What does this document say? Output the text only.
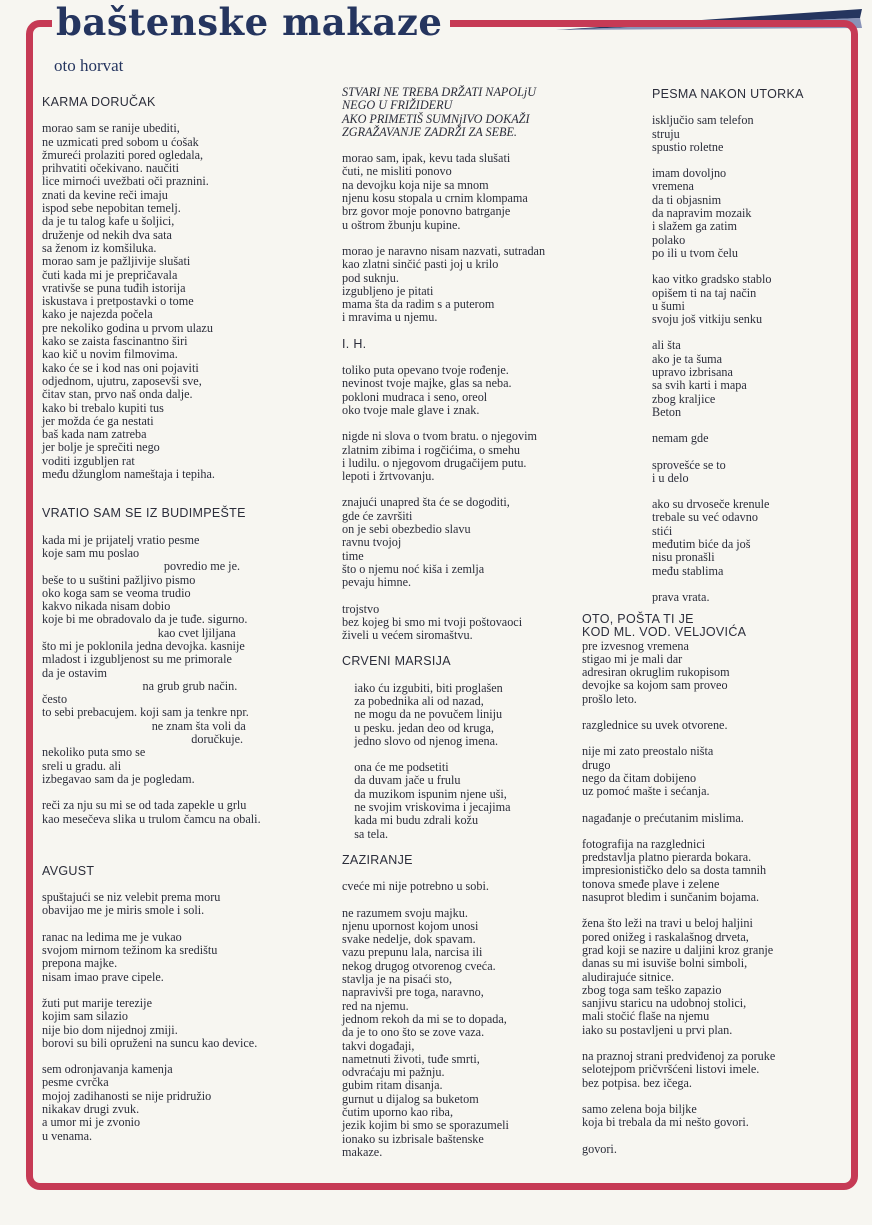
baštenske makaze
oto horvat
KARMA DORUČAK
morao sam se ranije ubediti,
ne uzmicati pred sobom u ćošak
žmureći prolaziti pored ogledala,
prihvatiti očekivano. naučiti
lice mirnoći uvežbati oči praznini.
znati da kevine reči imaju
ispod sebe nepobitan temelj.
da je tu talog kafe u šoljici,
druženje od nekih dva sata
sa ženom iz komšiluka.
morao sam je pažljivije slušati
čuti kada mi je prepričavala
vrativše se puna tuđih istorija
iskustava i pretpostavki o tome
kako je najezda počela
pre nekoliko godina u prvom ulazu
kako se zaista fascinantno širi
kao kič u novim filmovima.
kako će se i kod nas oni pojaviti
odjednom, ujutru, zaposevši sve,
čitav stan, prvo naš onda dalje.
kako bi trebalo kupiti tus
jer možda će ga nestati
baš kada nam zatreba
jer bolje je sprečiti nego
voditi izgubljen rat
među džunglom nameštaja i tepiha.
VRATIO SAM SE IZ BUDIMPEŠTE
kada mi je prijatelj vratio pesme
koje sam mu poslao
povredio me je.
beše to u suštini pažljivo pismo
oko koga sam se veoma trudio
kakvo nikada nisam dobio
koje bi me obradovalo da je tuđe. sigurno.
kao cvet ljiljana
što mi je poklonila jedna devojka. kasnije
mladost i izgubljenost su me primorale
da je ostavim
na grub grub način.
često
to sebi prebacujem. koji sam ja tenkre npr.
ne znam šta voli da
doručkuje.
nekoliko puta smo se
sreli u gradu. ali
izbegavao sam da je pogledam.
reči za nju su mi se od tada zapekle u grlu
kao mesečeva slika u trulom čamcu na obali.
AVGUST
spuštajući se niz velebit prema moru
obavijao me je miris smole i soli.
ranac na ledima me je vukao
svojom mirnom težinom ka središtu
prepona majke.
nisam imao prave cipele.
žuti put marije terezije
kojim sam silazio
nije bio dom nijednoj zmiji.
borovi su bili opruženi na suncu kao device.
sem odronjavanja kamenja
pesme cvrčka
mojoj zadihanosti se nije pridružio
nikakav drugi zvuk.
a umor mi je zvonio
u venama.
STVARI NE TREBA DRŽATI NAPOLjU
NEGO U FRIŽIDERU
AKO PRIMETIŠ SUMNjIVO DOKAŽI
ZGRAŽAVANJE ZADRŽI ZA SEBE.
morao sam, ipak, kevu tada slušati
čuti, ne misliti ponovo
na devojku koja nije sa mnom
njenu kosu stopala u crnim klompama
brz govor moje ponovno batrganje
u oštrom žbunju kupine.
morao je naravno nisam nazvati, sutradan
kao zlatni sinčić pasti joj u krilo
pod suknju.
izgubljeno je pitati
mama šta da radim s a puterom
i mravima u njemu.
I. H.
toliko puta opevano tvoje rođenje.
nevinost tvoje majke, glas sa neba.
pokloni mudraca i seno, oreol
oko tvoje male glave i znak.
nigde ni slova o tvom bratu. o njegovim
zlatnim zibima i rogčićima, o smehu
i ludilu. o njegovom drugačijem putu.
lepoti i žrtvovanju.
znajući unapred šta će se dogoditi,
gde će završiti
on je sebi obezbedio slavu
ravnu tvojoj
time
što o njemu noć kiša i zemlja
pevaju himne.
trojstvo
bez kojeg bi smo mi tvoji poštovaoci
živeli u većem siromaštvu.
CRVENI MARSIJA
iako ću izgubiti, biti proglašen
za pobednika ali od nazad,
ne mogu da ne povučem liniju
u pesku. jedan deo od kruga,
jedno slovo od njenog imena.
ona će me podsetiti
da duvam jače u frulu
da muzikom ispunim njene uši,
ne svojim vriskovima i jecajima
kada mi budu zdrali kožu
sa tela.
ZAZIRANJE
cveće mi nije potrebno u sobi.
ne razumem svoju majku.
njenu upornost kojom unosi
svake nedelje, dok spavam.
vazu prepunu lala, narcisa ili
nekog drugog otvorenog cveća.
stavlja je na pisaći sto,
napravivši pre toga, naravno,
red na njemu.
jednom rekoh da mi se to dopada,
da je to ono što se zove vaza.
takvi događaji,
nametnuti životi, tuđe smrti,
odvraćaju mi pažnju.
gubim ritam disanja.
gurnut u dijalog sa buketom
čutim uporno kao riba,
jezik kojim bi smo se sporazumeli
ionako su izbrisale baštenske
makaze.
PESMA NAKON UTORKA
isključio sam telefon
struju
spustio roletne
imam dovoljno
vremena
da ti objasnim
da napravim mozaik
i slažem ga zatim
polako
po ili u tvom čelu
kao vitko gradsko stablo
opišem ti na taj način
u šumi
svoju još vitkiju senku
ali šta
ako je ta šuma
upravo izbrisana
sa svih karti i mapa
zbog kraljice
Beton
nemam gde
sprovešće se to
i u delo
ako su drvoseče krenule
trebale su već odavno
stići
međutim biće da još
nisu pronašli
među stablima
prava vrata.
OTO, POŠTA TI JE
KOD ML. VOD. VELJOVIĆA
pre izvesnog vremena
stigao mi je mali dar
adresiran okruglim rukopisom
devojke sa kojom sam proveo
prošlo leto.
razglednice su uvek otvorene.
nije mi zato preostalo ništa
drugo
nego da čitam dobijeno
uz pomoć mašte i sećanja.
nagađanje o prećutanim mislima.
fotografija na razglednici
predstavlja platno pierarda bokara.
impresionističko delo sa dosta tamnih
tonova smeđe plave i zelene
nasuprot bledim i sunčanim bojama.
žena što leži na travi u beloj haljini
pored onižeg i raskalašnog drveta,
grad koji se nazire u daljini kroz granje
danas su mi isuviše bolni simboli,
aludirajuće sitnice.
zbog toga sam teško zapazio
sanjivu staricu na udobnoj stolici,
mali stočić flaše na njemu
iako su postavljeni u prvi plan.
na praznoj strani predviđenoj za poruke
selotejpom pričvršćeni listovi imele.
bez potpisa. bez ičega.
samo zelena boja biljke
koja bi trebala da mi nešto govori.
govori.
